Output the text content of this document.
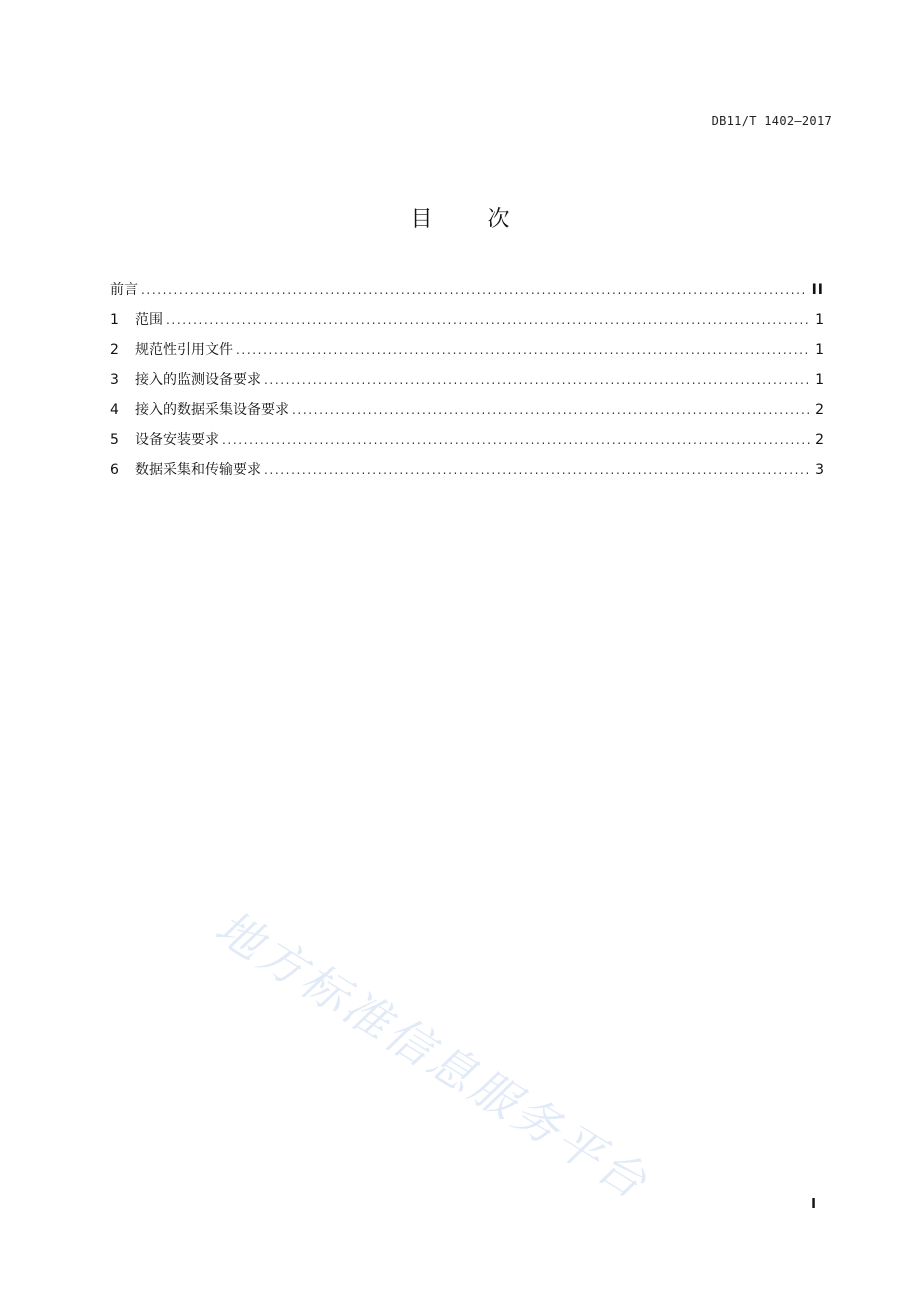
DB11/T 1402—2017
目 次
前言 .....	II
1	范围 .....	1
2	规范性引用文件 .....	1
3	接入的监测设备要求 .....	1
4	接入的数据采集设备要求 .....	2
5	设备安装要求 .....	2
6	数据采集和传输要求 .....	3
地方标准信息服务平台	I
